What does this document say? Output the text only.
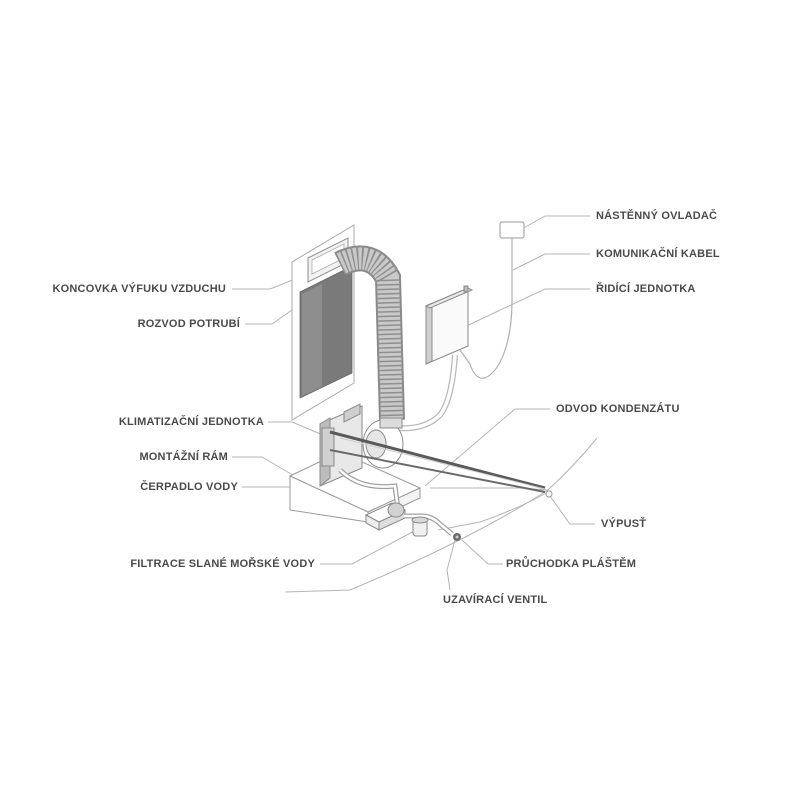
NÁSTĚNNÝ OVLADAČ
KOMUNIKAČNÍ KABEL
ŘIDÍCÍ JEDNOTKA
KONCOVKA VÝFUKU VZDUCHU
ROZVOD POTRUBÍ
ODVOD KONDENZÁTU
KLIMATIZAČNÍ JEDNOTKA
MONTÁŽNÍ RÁM
ČERPADLO VODY
VÝPUSŤ
FILTRACE SLANÉ MOŘSKÉ VODY	PRŮCHODKA PLÁŠTĚM
UZAVÍRACÍ VENTIL
